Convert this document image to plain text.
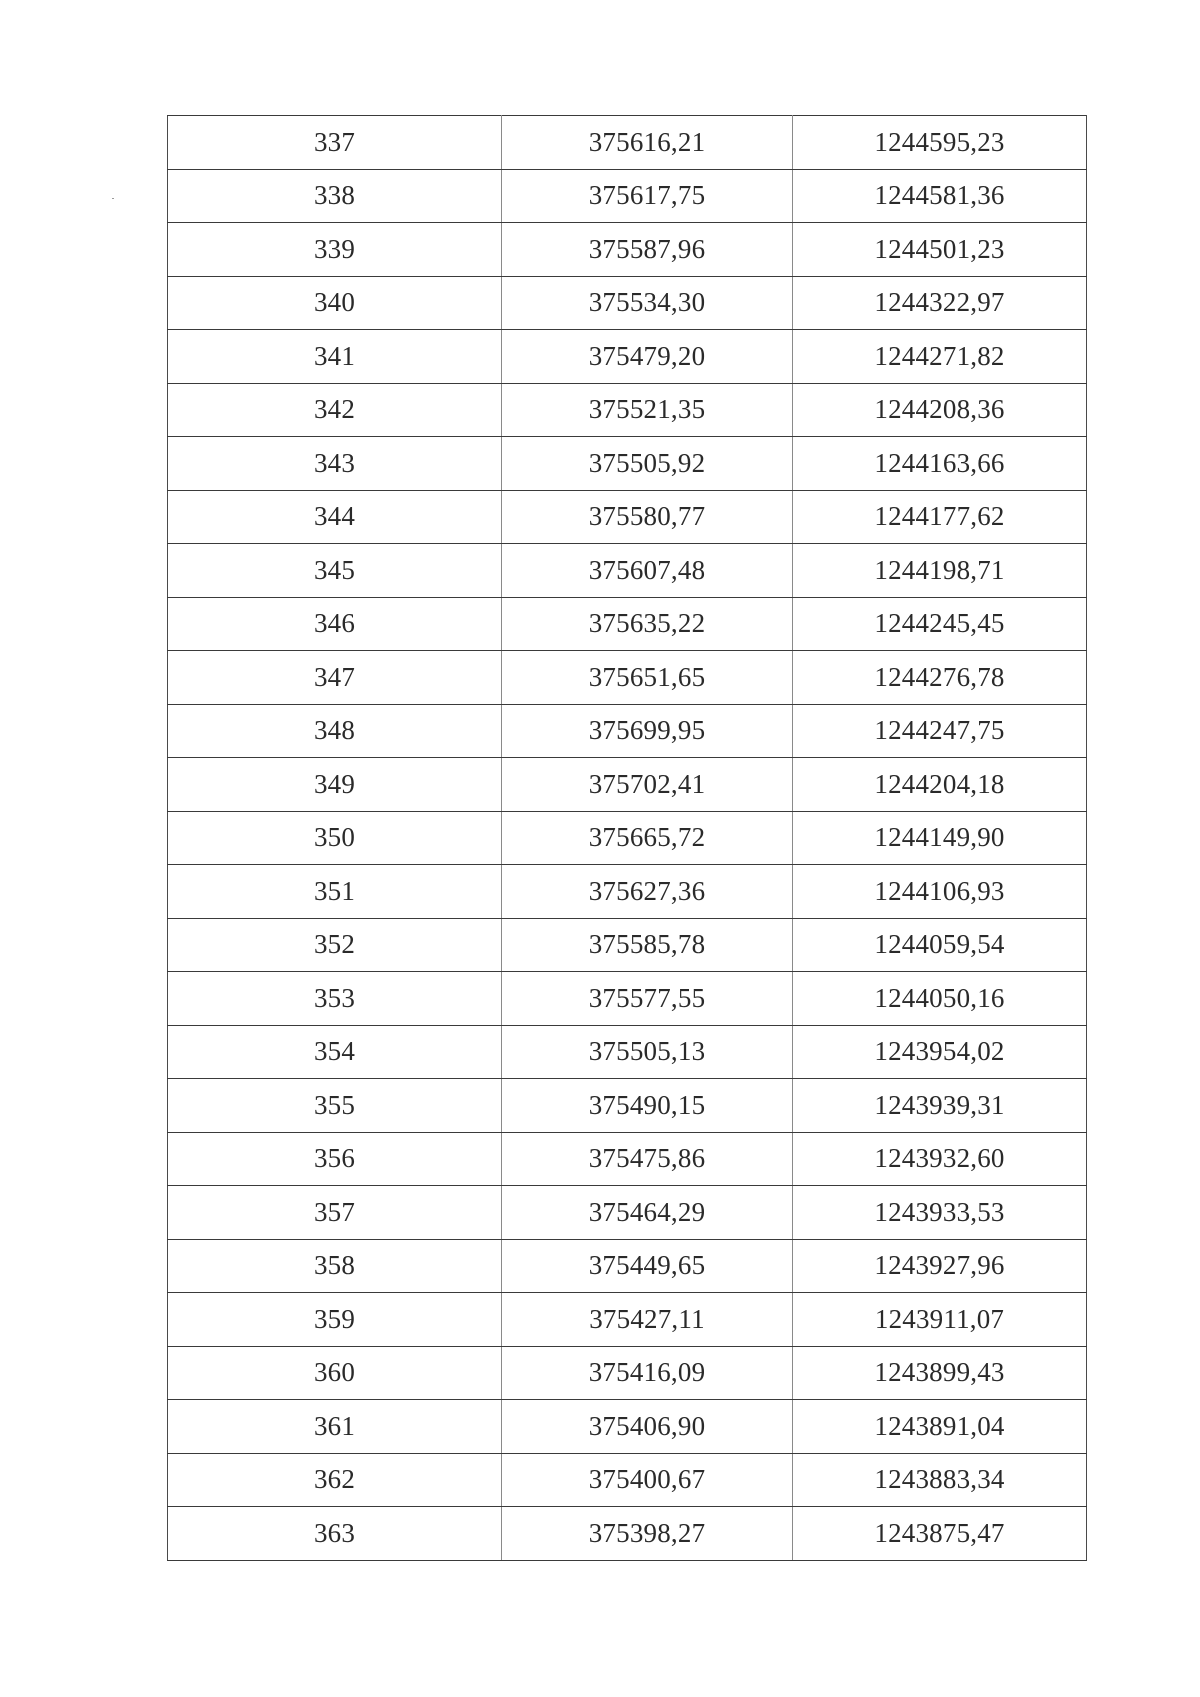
337	375616,21	1244595,23
338	375617,75	1244581,36
339	375587,96	1244501,23
340	375534,30	1244322,97
341	375479,20	1244271,82
342	375521,35	1244208,36
343	375505,92	1244163,66
344	375580,77	1244177,62
345	375607,48	1244198,71
346	375635,22	1244245,45
347	375651,65	1244276,78
348	375699,95	1244247,75
349	375702,41	1244204,18
350	375665,72	1244149,90
351	375627,36	1244106,93
352	375585,78	1244059,54
353	375577,55	1244050,16
354	375505,13	1243954,02
355	375490,15	1243939,31
356	375475,86	1243932,60
357	375464,29	1243933,53
358	375449,65	1243927,96
359	375427,11	1243911,07
360	375416,09	1243899,43
361	375406,90	1243891,04
362	375400,67	1243883,34
363	375398,27	1243875,47
